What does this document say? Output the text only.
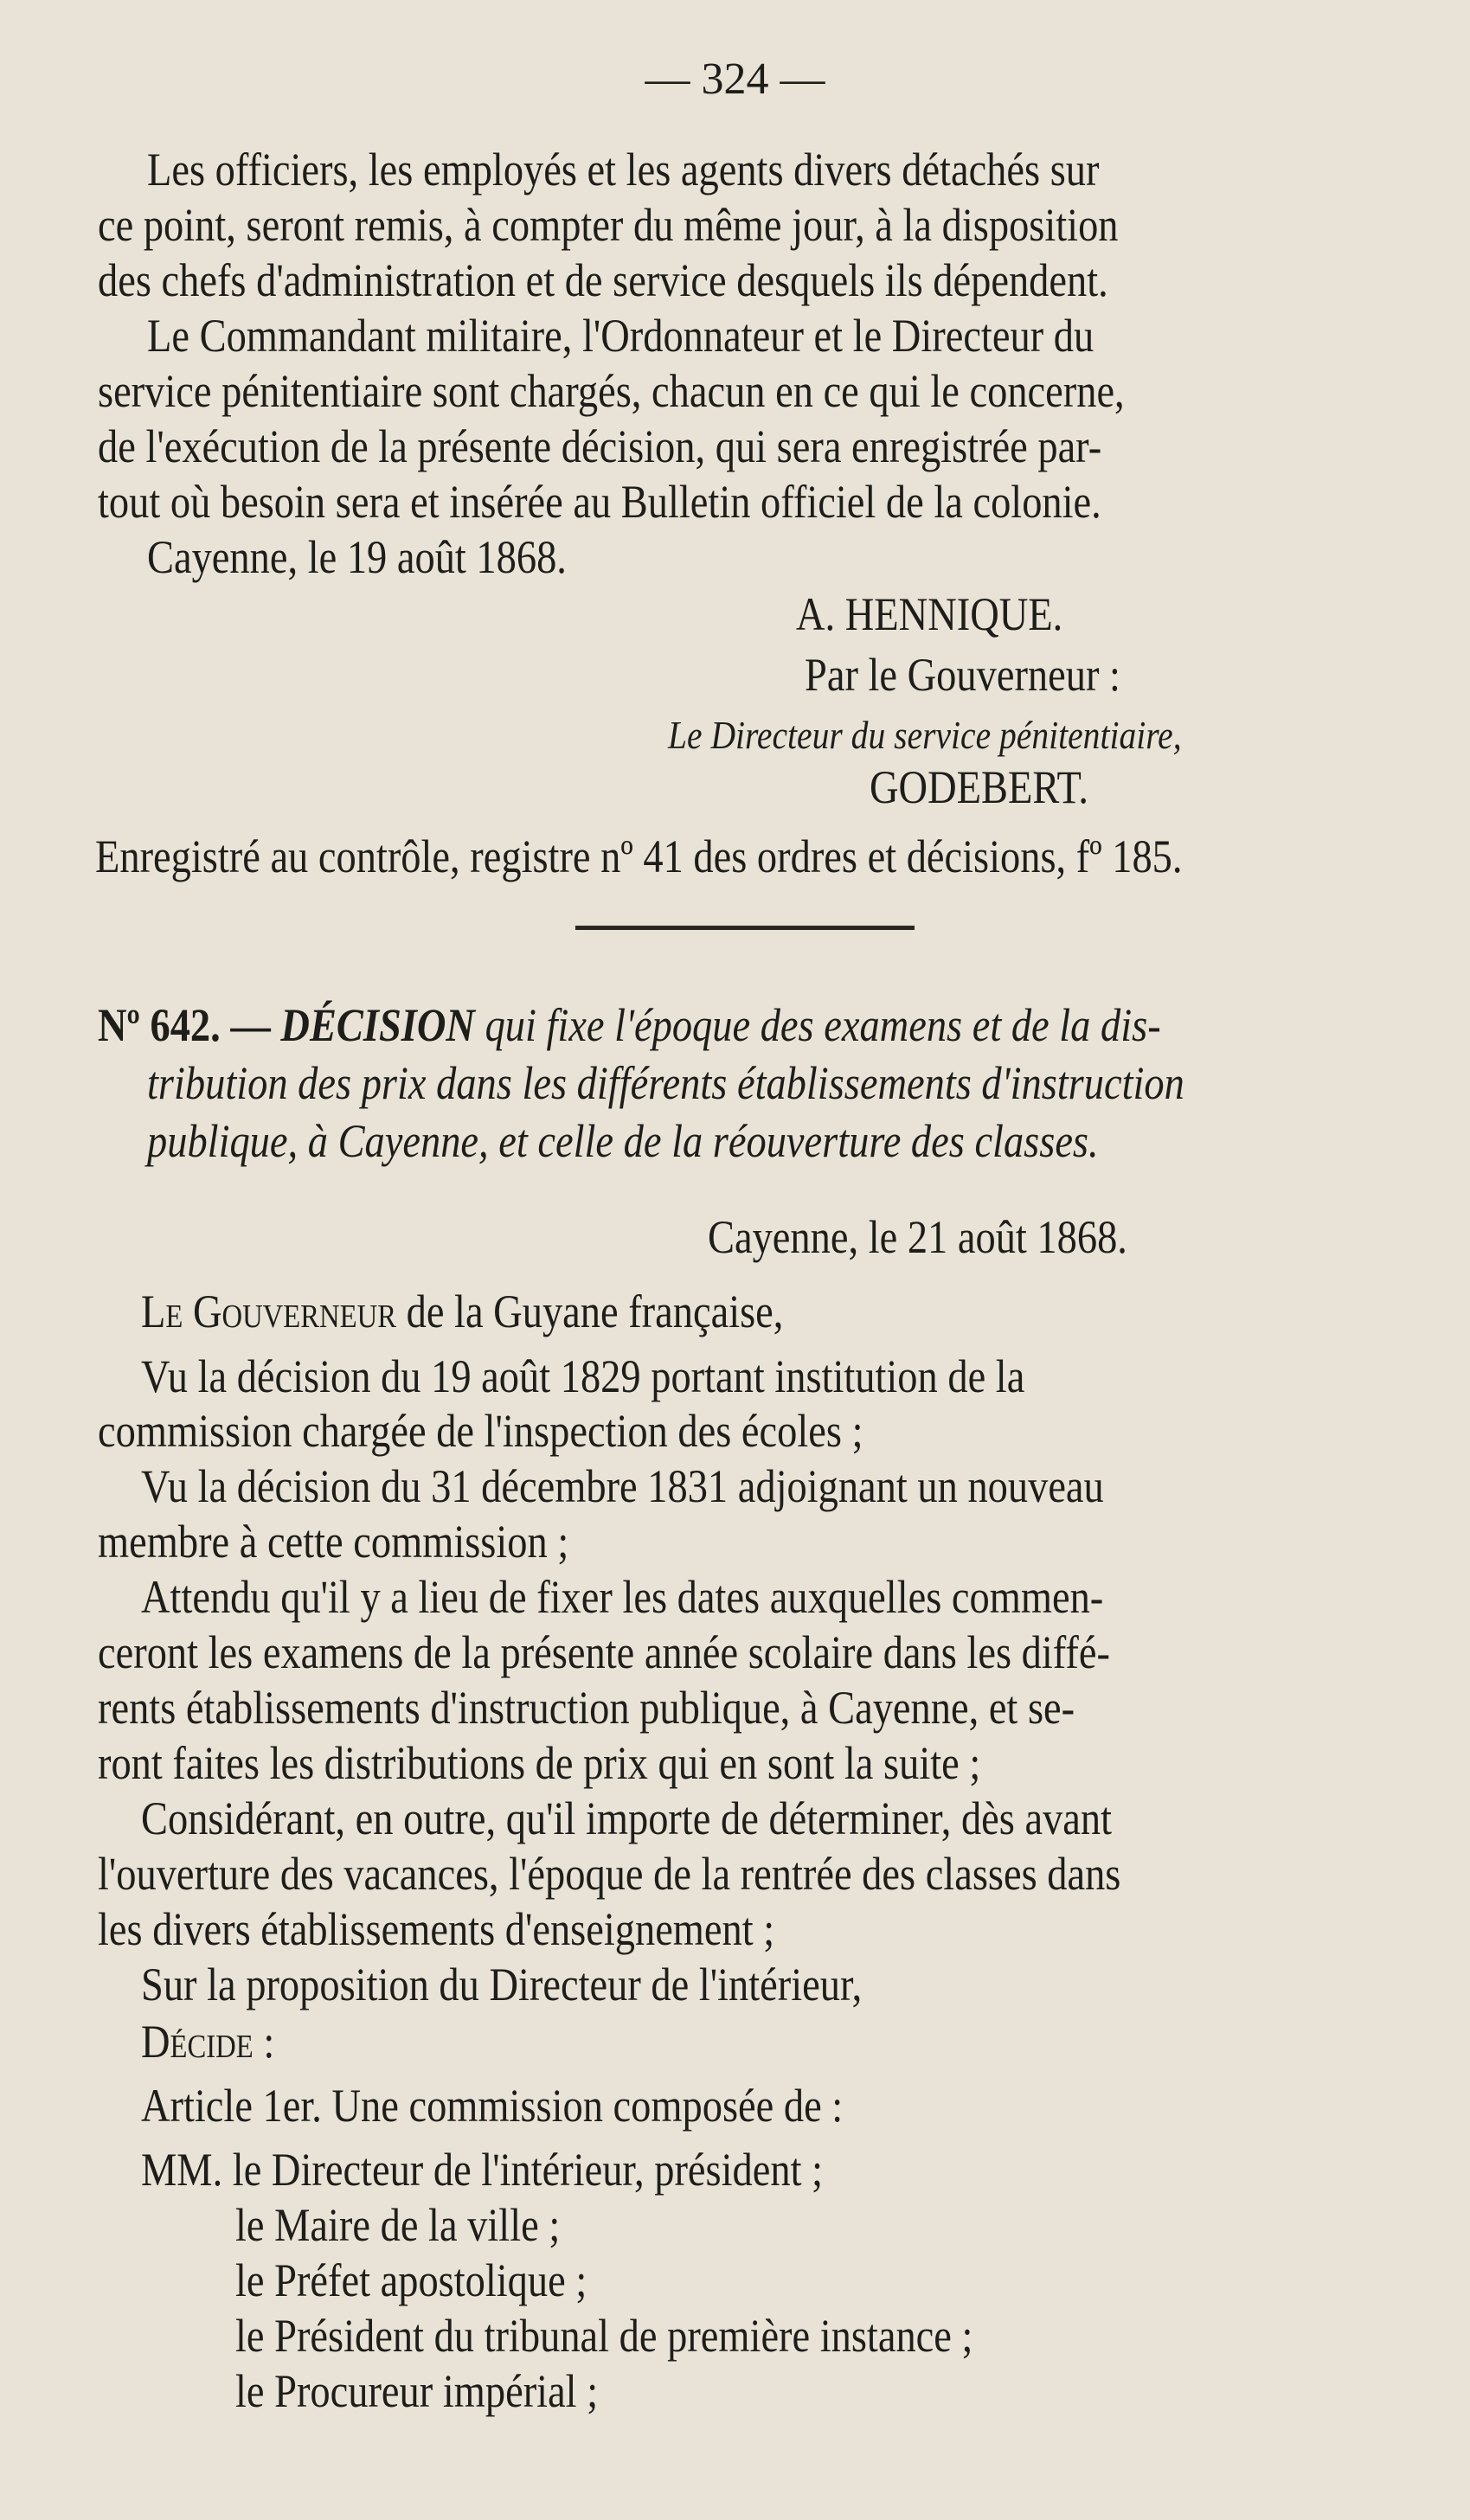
— 324 —
Les officiers, les employés et les agents divers détachés sur
ce point, seront remis, à compter du même jour, à la disposition
des chefs d'administration et de service desquels ils dépendent.
Le Commandant militaire, l'Ordonnateur et le Directeur du
service pénitentiaire sont chargés, chacun en ce qui le concerne,
de l'exécution de la présente décision, qui sera enregistrée par-
tout où besoin sera et insérée au Bulletin officiel de la colonie.
Cayenne, le 19 août 1868.
A. HENNIQUE.
Par le Gouverneur :
Le Directeur du service pénitentiaire,
GODEBERT.
Enregistré au contrôle, registre nº 41 des ordres et décisions, fº 185.
Nº 642. — DÉCISION qui fixe l'époque des examens et de la dis-
tribution des prix dans les différents établissements d'instruction
publique, à Cayenne, et celle de la réouverture des classes.
Cayenne, le 21 août 1868.
Le Gouverneur de la Guyane française,
Vu la décision du 19 août 1829 portant institution de la
commission chargée de l'inspection des écoles ;
Vu la décision du 31 décembre 1831 adjoignant un nouveau
membre à cette commission ;
Attendu qu'il y a lieu de fixer les dates auxquelles commen-
ceront les examens de la présente année scolaire dans les diffé-
rents établissements d'instruction publique, à Cayenne, et se-
ront faites les distributions de prix qui en sont la suite ;
Considérant, en outre, qu'il importe de déterminer, dès avant
l'ouverture des vacances, l'époque de la rentrée des classes dans
les divers établissements d'enseignement ;
Sur la proposition du Directeur de l'intérieur,
Décide :
Article 1er. Une commission composée de :
MM. le Directeur de l'intérieur, président ;
le Maire de la ville ;
le Préfet apostolique ;
le Président du tribunal de première instance ;
le Procureur impérial ;
